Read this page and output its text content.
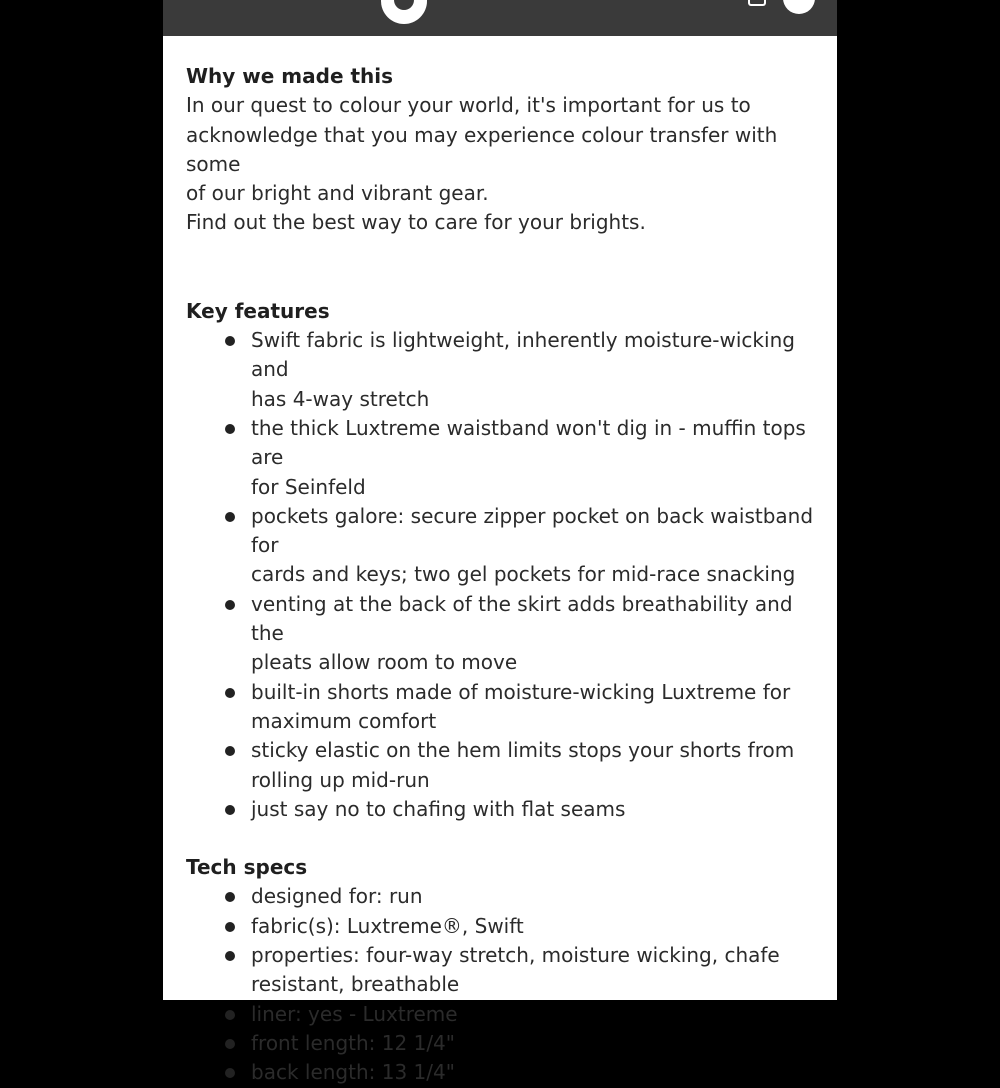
Why we made this

In our quest to colour your world, it's important for us to

acknowledge that you may experience colour transfer with some

of our bright and vibrant gear.

Find out the best way to care for your brights.

Key features
Swift fabric is lightweight, inherently moisture-wicking and
has 4-way stretch
the thick Luxtreme waistband won't dig in - muffin tops are
for Seinfeld
pockets galore: secure zipper pocket on back waistband for
cards and keys; two gel pockets for mid-race snacking
venting at the back of the skirt adds breathability and the
pleats allow room to move
built-in shorts made of moisture-wicking Luxtreme for
maximum comfort
sticky elastic on the hem limits stops your shorts from
rolling up mid-run
just say no to chafing with flat seams
Tech specs
designed for: run
fabric(s): Luxtreme®, Swift
properties: four-way stretch, moisture wicking, chafe
resistant, breathable
liner: yes - Luxtreme
front length: 12 1/4"
back length: 13 1/4"
